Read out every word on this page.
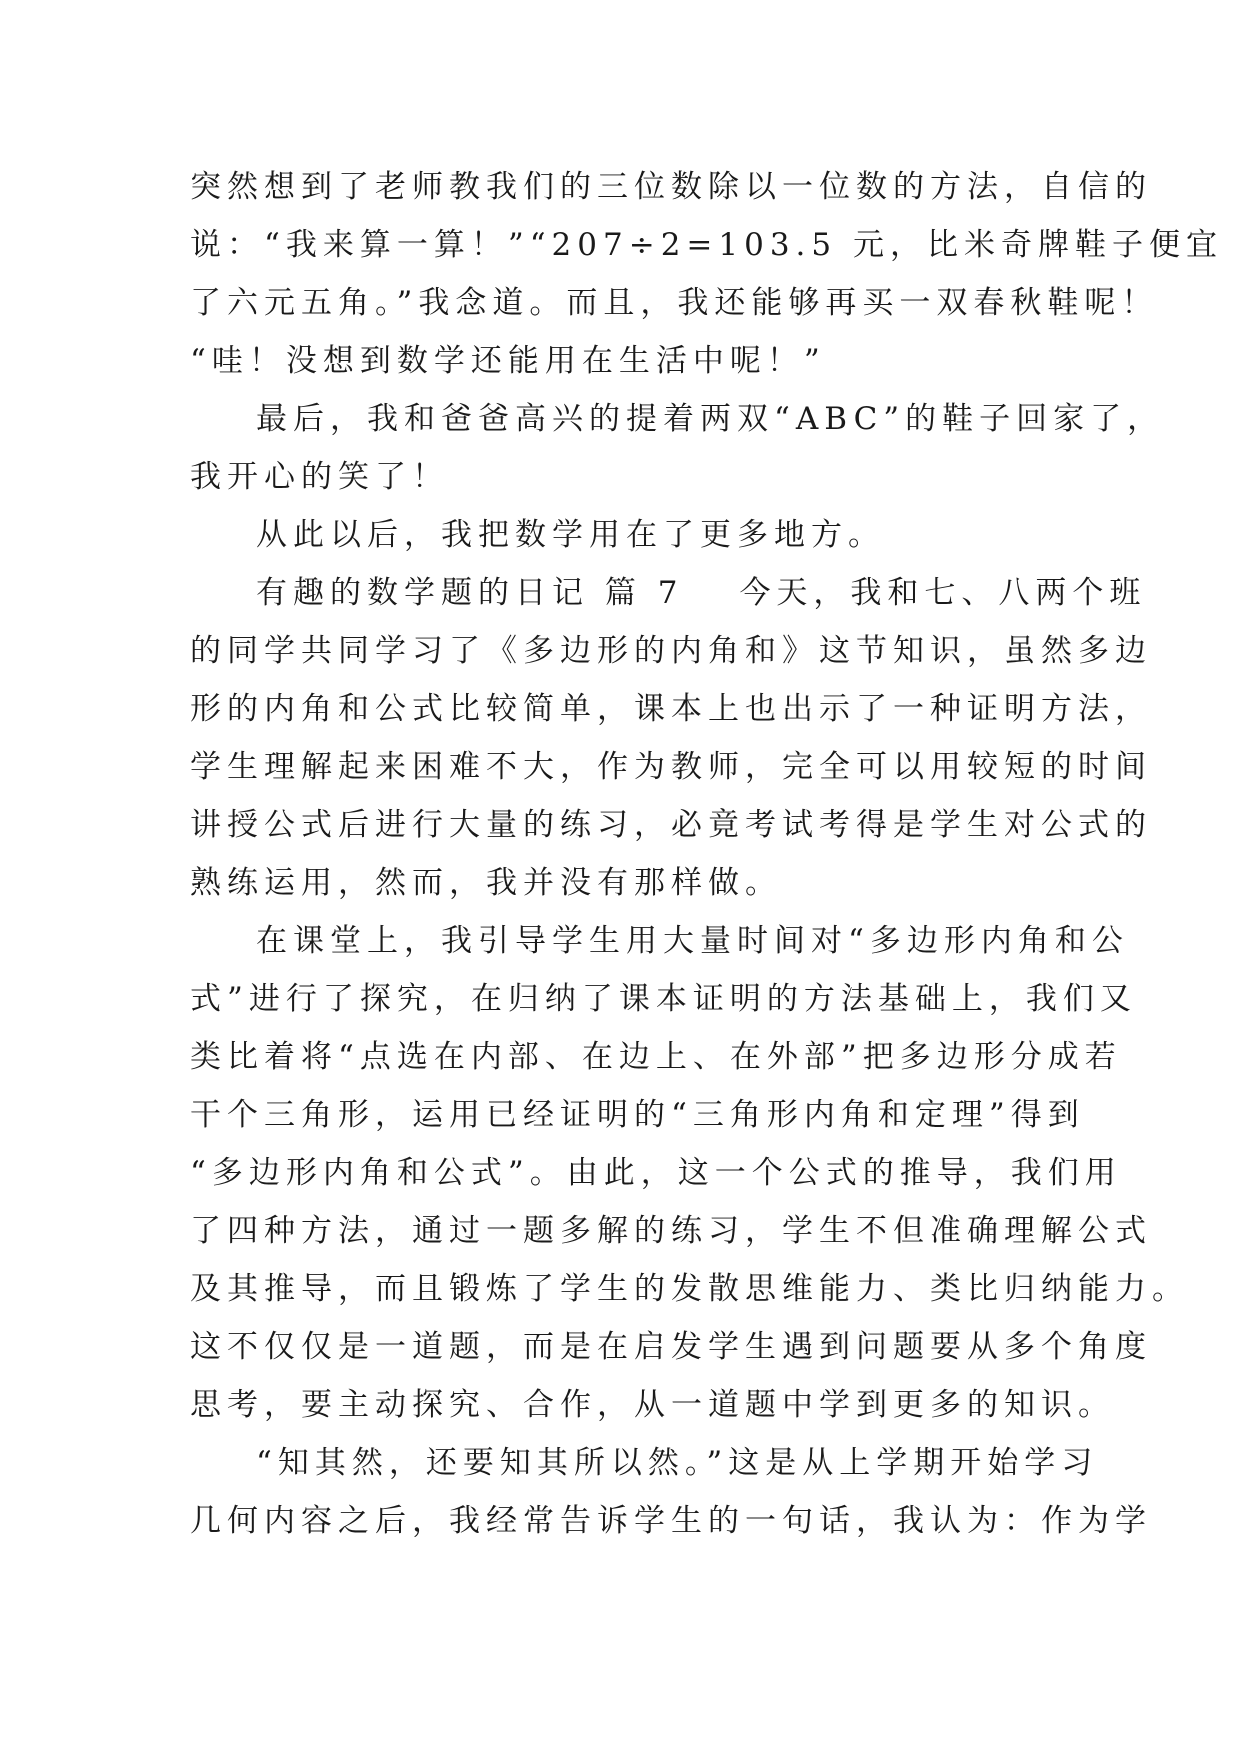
突然想到了老师教我们的三位数除以一位数的方法，自信的
说：“我来算一算！”“207÷2=103.5 元，比米奇牌鞋子便宜
了六元五角。”我念道。而且，我还能够再买一双春秋鞋呢！
“哇！没想到数学还能用在生活中呢！”
最后，我和爸爸高兴的提着两双“ABC”的鞋子回家了，
我开心的笑了！
从此以后，我把数学用在了更多地方。
有趣的数学题的日记 篇 7 今天，我和七、八两个班
的同学共同学习了《多边形的内角和》这节知识，虽然多边
形的内角和公式比较简单，课本上也出示了一种证明方法，
学生理解起来困难不大，作为教师，完全可以用较短的时间
讲授公式后进行大量的练习，必竟考试考得是学生对公式的
熟练运用，然而，我并没有那样做。
在课堂上，我引导学生用大量时间对“多边形内角和公
式”进行了探究，在归纳了课本证明的方法基础上，我们又
类比着将“点选在内部、在边上、在外部”把多边形分成若
干个三角形，运用已经证明的“三角形内角和定理”得到
“多边形内角和公式”。由此，这一个公式的推导，我们用
了四种方法，通过一题多解的练习，学生不但准确理解公式
及其推导，而且锻炼了学生的发散思维能力、类比归纳能力。
这不仅仅是一道题，而是在启发学生遇到问题要从多个角度
思考，要主动探究、合作，从一道题中学到更多的知识。
“知其然，还要知其所以然。”这是从上学期开始学习
几何内容之后，我经常告诉学生的一句话，我认为：作为学
